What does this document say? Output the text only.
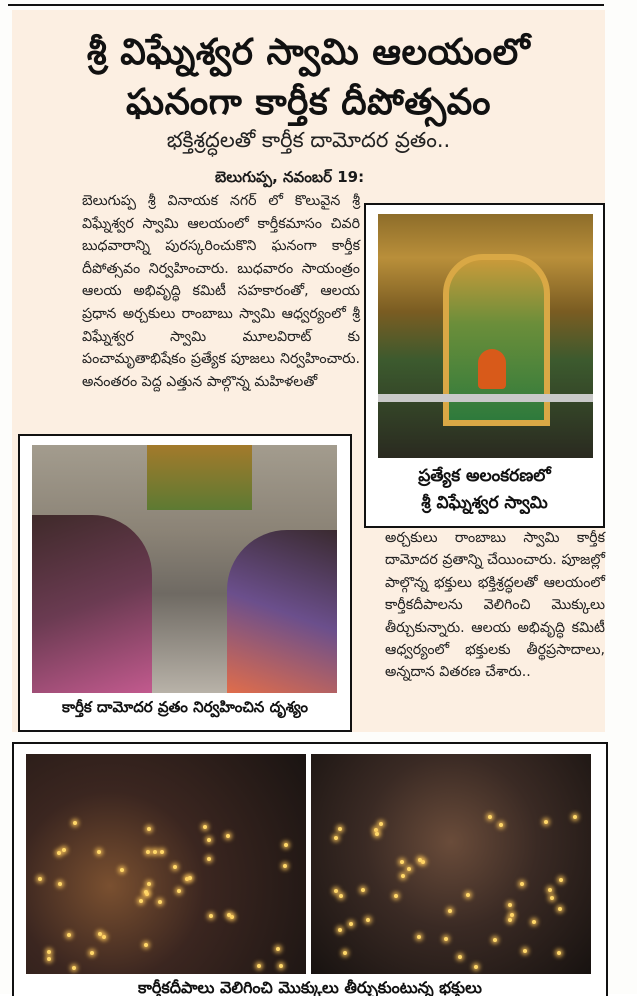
శ్రీ విఘ్నేశ్వర స్వామి ఆలయంలో
ఘనంగా కార్తీక దీపోత్సవం
భక్తిశ్రద్ధలతో కార్తీక దామోదర వ్రతం..
బెలుగుప్ప, నవంబర్ 19:
బెలుగుప్ప శ్రీ వినాయక నగర్ లో కొలువైన శ్రీ విఘ్నేశ్వర స్వామి ఆలయంలో కార్తీకమాసం చివరి బుధవారాన్ని పురస్కరించుకొని ఘనంగా కార్తీక దీపోత్సవం నిర్వహించారు. బుధవారం సాయంత్రం ఆలయ అభివృద్ధి కమిటీ సహకారంతో, ఆలయ ప్రధాన అర్చకులు రాంబాబు స్వామి ఆధ్వర్యంలో శ్రీ విఘ్నేశ్వర స్వామి మూలవిరాట్ కు పంచామృతాభిషేకం ప్రత్యేక పూజలు నిర్వహించారు. అనంతరం పెద్ద ఎత్తున పాల్గొన్న మహిళలతో
అర్చకులు రాంబాబు స్వామి కార్తీక దామోదర వ్రతాన్ని చేయించారు. పూజల్లో పాల్గొన్న భక్తులు భక్తిశ్రద్ధలతో ఆలయంలో కార్తీకదీపాలను వెలిగించి మొక్కులు తీర్చుకున్నారు. ఆలయ అభివృద్ధి కమిటీ ఆధ్వర్యంలో భక్తులకు తీర్థప్రసాదాలు, అన్నదాన వితరణ చేశారు..
ప్రత్యేక అలంకరణలో
శ్రీ విఘ్నేశ్వర స్వామి
కార్తీక దామోదర వ్రతం నిర్వహించిన దృశ్యం
కార్తీకదీపాలు వెలిగించి మొక్కులు తీర్చుకుంటున్న భక్తులు
